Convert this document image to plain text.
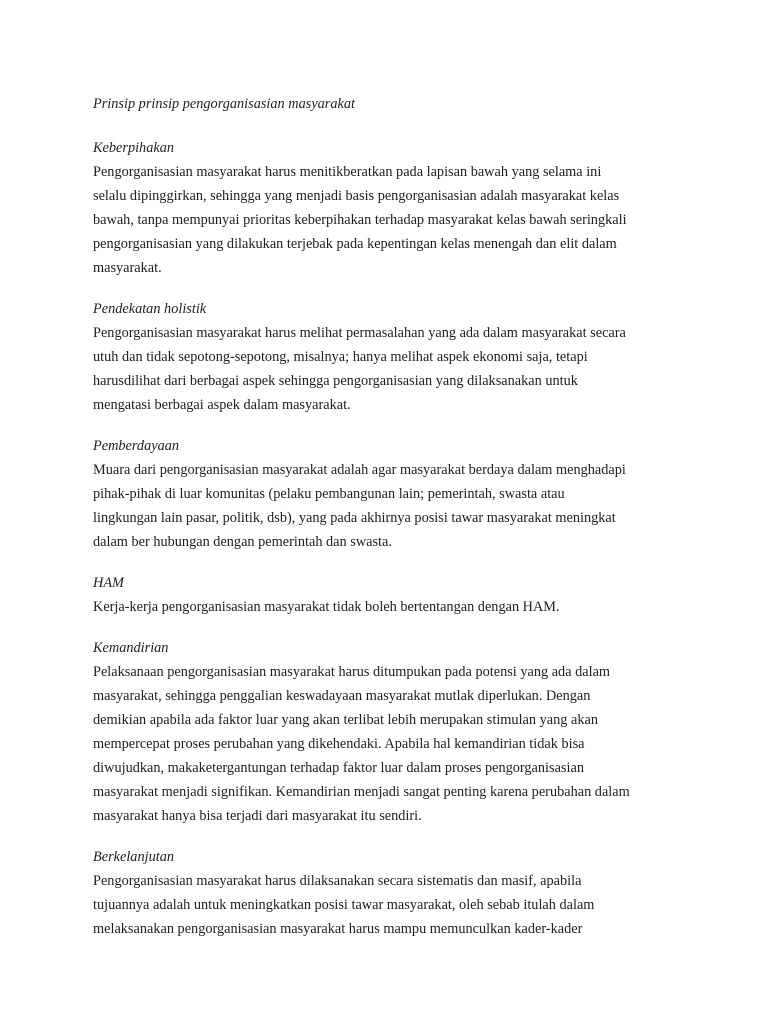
Prinsip prinsip pengorganisasian masyarakat

Keberpihakan

Pengorganisasian masyarakat harus menitikberatkan pada lapisan bawah yang selama ini
selalu dipinggirkan, sehingga yang menjadi basis pengorganisasian adalah masyarakat kelas
bawah, tanpa mempunyai prioritas keberpihakan terhadap masyarakat kelas bawah seringkali
pengorganisasian yang dilakukan terjebak pada kepentingan kelas menengah dan elit dalam
masyarakat.

Pendekatan holistik

Pengorganisasian masyarakat harus melihat permasalahan yang ada dalam masyarakat secara
utuh dan tidak sepotong-sepotong, misalnya; hanya melihat aspek ekonomi saja, tetapi
harusdilihat dari berbagai aspek sehingga pengorganisasian yang dilaksanakan untuk
mengatasi berbagai aspek dalam masyarakat.

Pemberdayaan

Muara dari pengorganisasian masyarakat adalah agar masyarakat berdaya dalam menghadapi
pihak-pihak di luar komunitas (pelaku pembangunan lain; pemerintah, swasta atau
lingkungan lain pasar, politik, dsb), yang pada akhirnya posisi tawar masyarakat meningkat
dalam ber hubungan dengan pemerintah dan swasta.

HAM

Kerja-kerja pengorganisasian masyarakat tidak boleh bertentangan dengan HAM.

Kemandirian

Pelaksanaan pengorganisasian masyarakat harus ditumpukan pada potensi yang ada dalam
masyarakat, sehingga penggalian keswadayaan masyarakat mutlak diperlukan. Dengan
demikian apabila ada faktor luar yang akan terlibat lebih merupakan stimulan yang akan
mempercepat proses perubahan yang dikehendaki. Apabila hal kemandirian tidak bisa
diwujudkan, makaketergantungan terhadap faktor luar dalam proses pengorganisasian
masyarakat menjadi signifikan. Kemandirian menjadi sangat penting karena perubahan dalam
masyarakat hanya bisa terjadi dari masyarakat itu sendiri.

Berkelanjutan

Pengorganisasian masyarakat harus dilaksanakan secara sistematis dan masif, apabila
tujuannya adalah untuk meningkatkan posisi tawar masyarakat, oleh sebab itulah dalam
melaksanakan pengorganisasian masyarakat harus mampu memunculkan kader-kader
